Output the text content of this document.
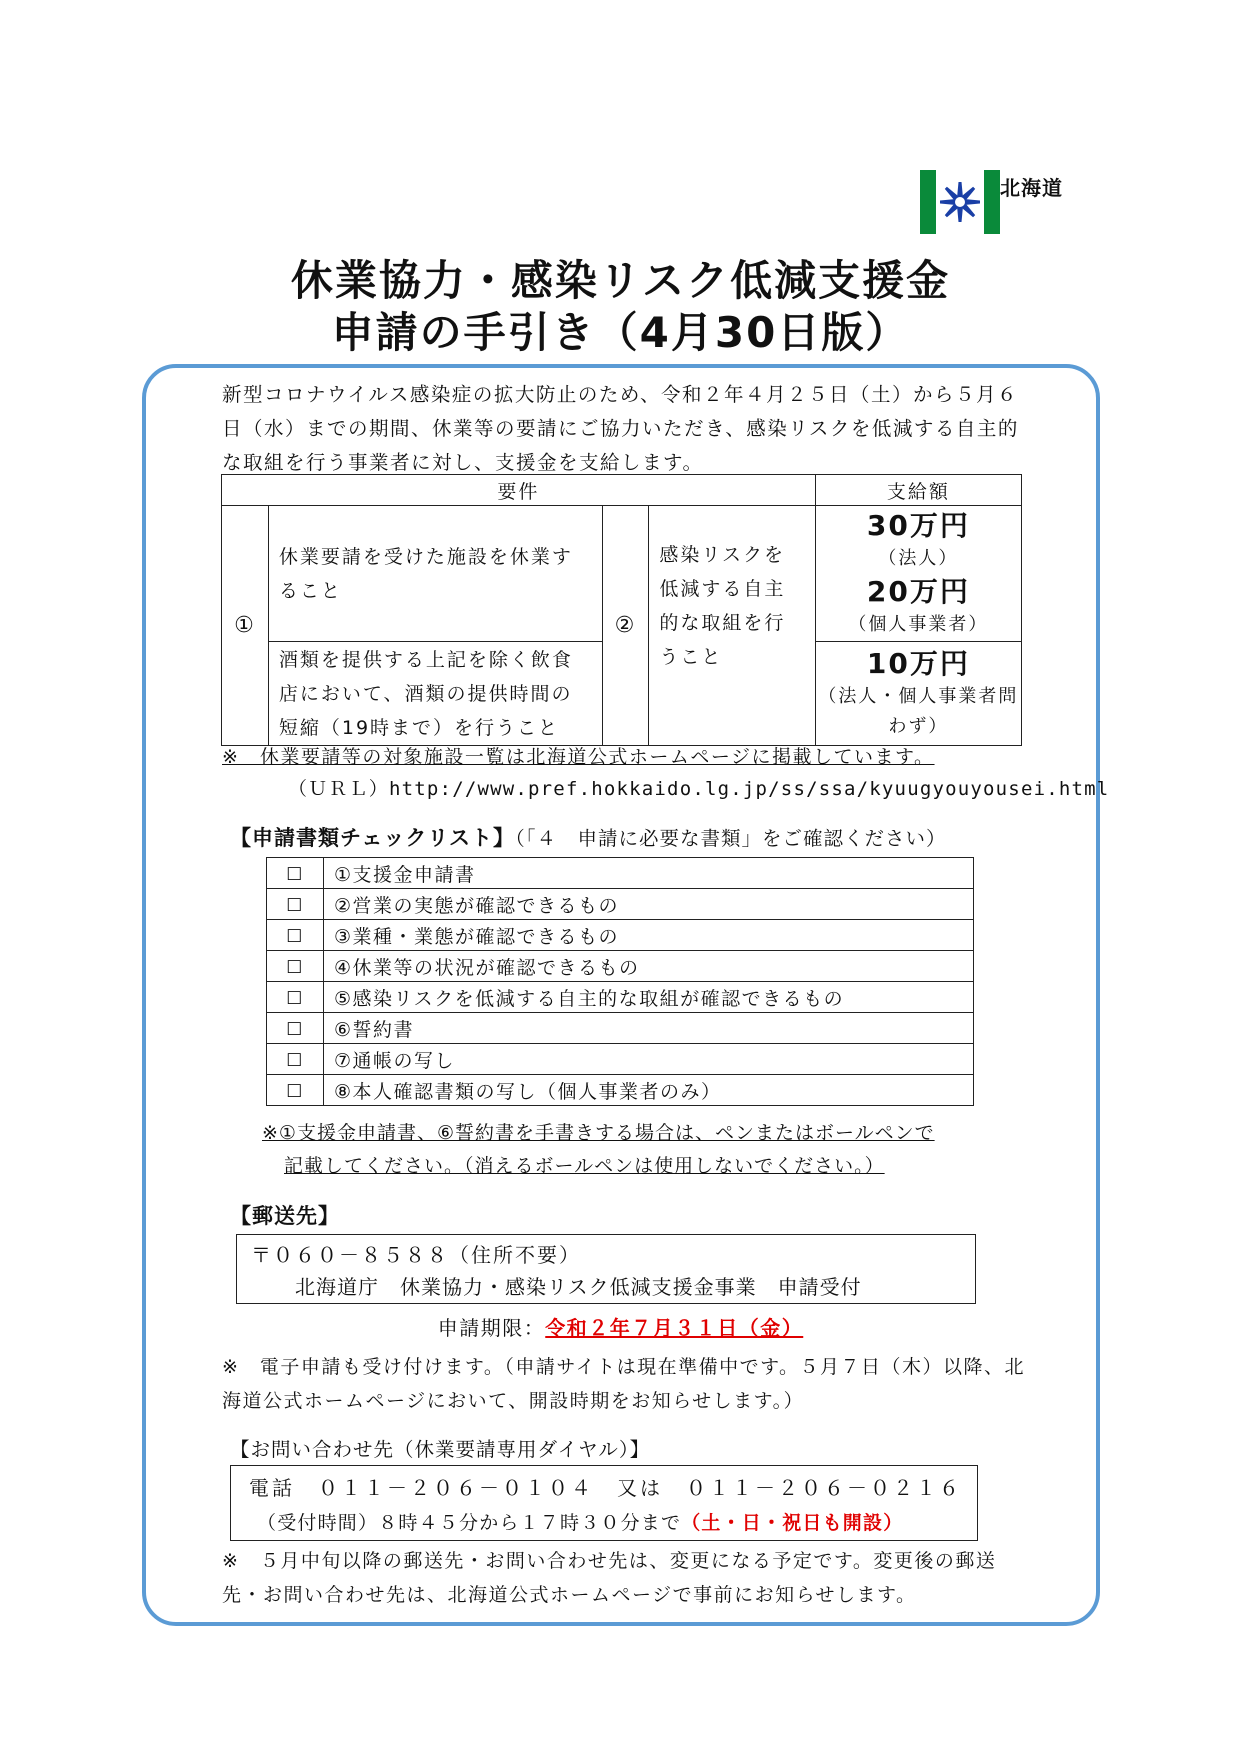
北海道
休業協力・感染リスク低減支援金
申請の手引き（4月30日版）
新型コロナウイルス感染症の拡大防止のため、令和２年４月２５日（土）から５月６日（水）までの期間、休業等の要請にご協力いただき、感染リスクを低減する自主的な取組を行う事業者に対し、支援金を支給します。
要件				支給額
①	休業要請を受けた施設を休業すること	②	感染リスクを低減する自主的な取組を行うこと	30万円
（法人）
20万円
（個人事業者）

	酒類を提供する上記を除く飲食店において、酒類の提供時間の短縮（19時まで）を行うこと			10万円
（法人・個人事業者問わず）
※　休業要請等の対象施設一覧は北海道公式ホームページに掲載しています。
（ＵＲＬ）http://www.pref.hokkaido.lg.jp/ss/ssa/kyuugyouyousei.html
【申請書類チェックリスト】（「４　申請に必要な書類」をご確認ください）
□	①支援金申請書
□	②営業の実態が確認できるもの
□	③業種・業態が確認できるもの
□	④休業等の状況が確認できるもの
□	⑤感染リスクを低減する自主的な取組が確認できるもの
□	⑥誓約書
□	⑦通帳の写し
□	⑧本人確認書類の写し（個人事業者のみ）
※①支援金申請書、⑥誓約書を手書きする場合は、ペンまたはボールペンで
記載してください。（消えるボールペンは使用しないでください。）
【郵送先】
〒０６０－８５８８（住所不要）
北海道庁　休業協力・感染リスク低減支援金事業　申請受付
申請期限：令和２年７月３１日（金）
※　電子申請も受け付けます。（申請サイトは現在準備中です。５月７日（木）以降、北海道公式ホームページにおいて、開設時期をお知らせします。）
【お問い合わせ先（休業要請専用ダイヤル）】
電話　０１１－２０６－０１０４　又は　０１１－２０６－０２１６
（受付時間）８時４５分から１７時３０分まで（土・日・祝日も開設）
※　５月中旬以降の郵送先・お問い合わせ先は、変更になる予定です。変更後の郵送先・お問い合わせ先は、北海道公式ホームページで事前にお知らせします。
